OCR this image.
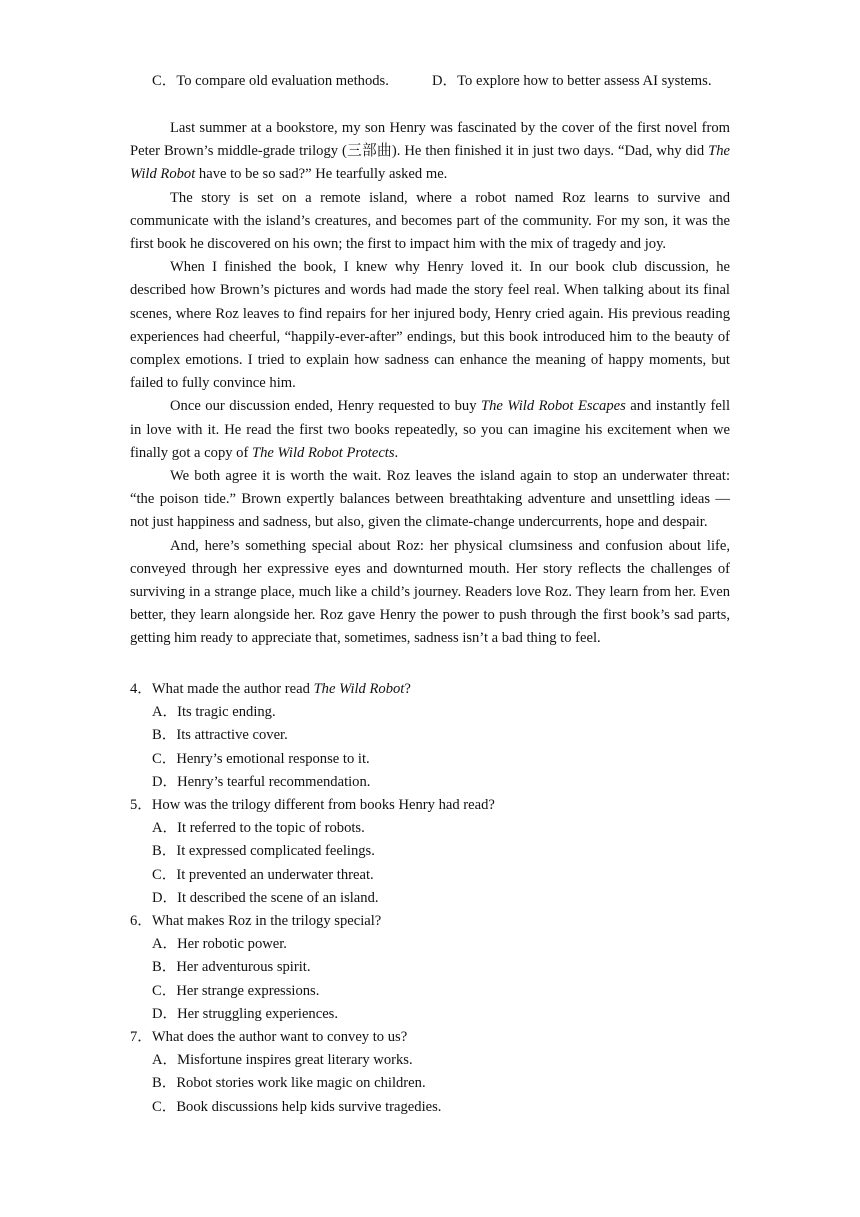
C．To compare old evaluation methods.	D．To explore how to better assess AI systems.

Last summer at a bookstore, my son Henry was fascinated by the cover of the first novel from Peter Brown’s middle-grade trilogy (三部曲). He then finished it in just two days. “Dad, why did The Wild Robot have to be so sad?” He tearfully asked me.

The story is set on a remote island, where a robot named Roz learns to survive and communicate with the island’s creatures, and becomes part of the community. For my son, it was the first book he discovered on his own; the first to impact him with the mix of tragedy and joy.

When I finished the book, I knew why Henry loved it. In our book club discussion, he described how Brown’s pictures and words had made the story feel real. When talking about its final scenes, where Roz leaves to find repairs for her injured body, Henry cried again. His previous reading experiences had cheerful, “happily-ever-after” endings, but this book introduced him to the beauty of complex emotions. I tried to explain how sadness can enhance the meaning of happy moments, but failed to fully convince him.

Once our discussion ended, Henry requested to buy The Wild Robot Escapes and instantly fell in love with it. He read the first two books repeatedly, so you can imagine his excitement when we finally got a copy of The Wild Robot Protects.

We both agree it is worth the wait. Roz leaves the island again to stop an underwater threat: “the poison tide.” Brown expertly balances between breathtaking adventure and unsettling ideas — not just happiness and sadness, but also, given the climate-change undercurrents, hope and despair.

And, here’s something special about Roz: her physical clumsiness and confusion about life, conveyed through her expressive eyes and downturned mouth. Her story reflects the challenges of surviving in a strange place, much like a child’s journey. Readers love Roz. They learn from her. Even better, they learn alongside her. Roz gave Henry the power to push through the first book’s sad parts, getting him ready to appreciate that, sometimes, sadness isn’t a bad thing to feel.

4．What made the author read The Wild Robot?
A．Its tragic ending.
B．Its attractive cover.
C．Henry’s emotional response to it.
D．Henry’s tearful recommendation.
5．How was the trilogy different from books Henry had read?
A．It referred to the topic of robots.
B．It expressed complicated feelings.
C．It prevented an underwater threat.
D．It described the scene of an island.
6．What makes Roz in the trilogy special?
A．Her robotic power.
B．Her adventurous spirit.
C．Her strange expressions.
D．Her struggling experiences.
7．What does the author want to convey to us?
A．Misfortune inspires great literary works.
B．Robot stories work like magic on children.
C．Book discussions help kids survive tragedies.
